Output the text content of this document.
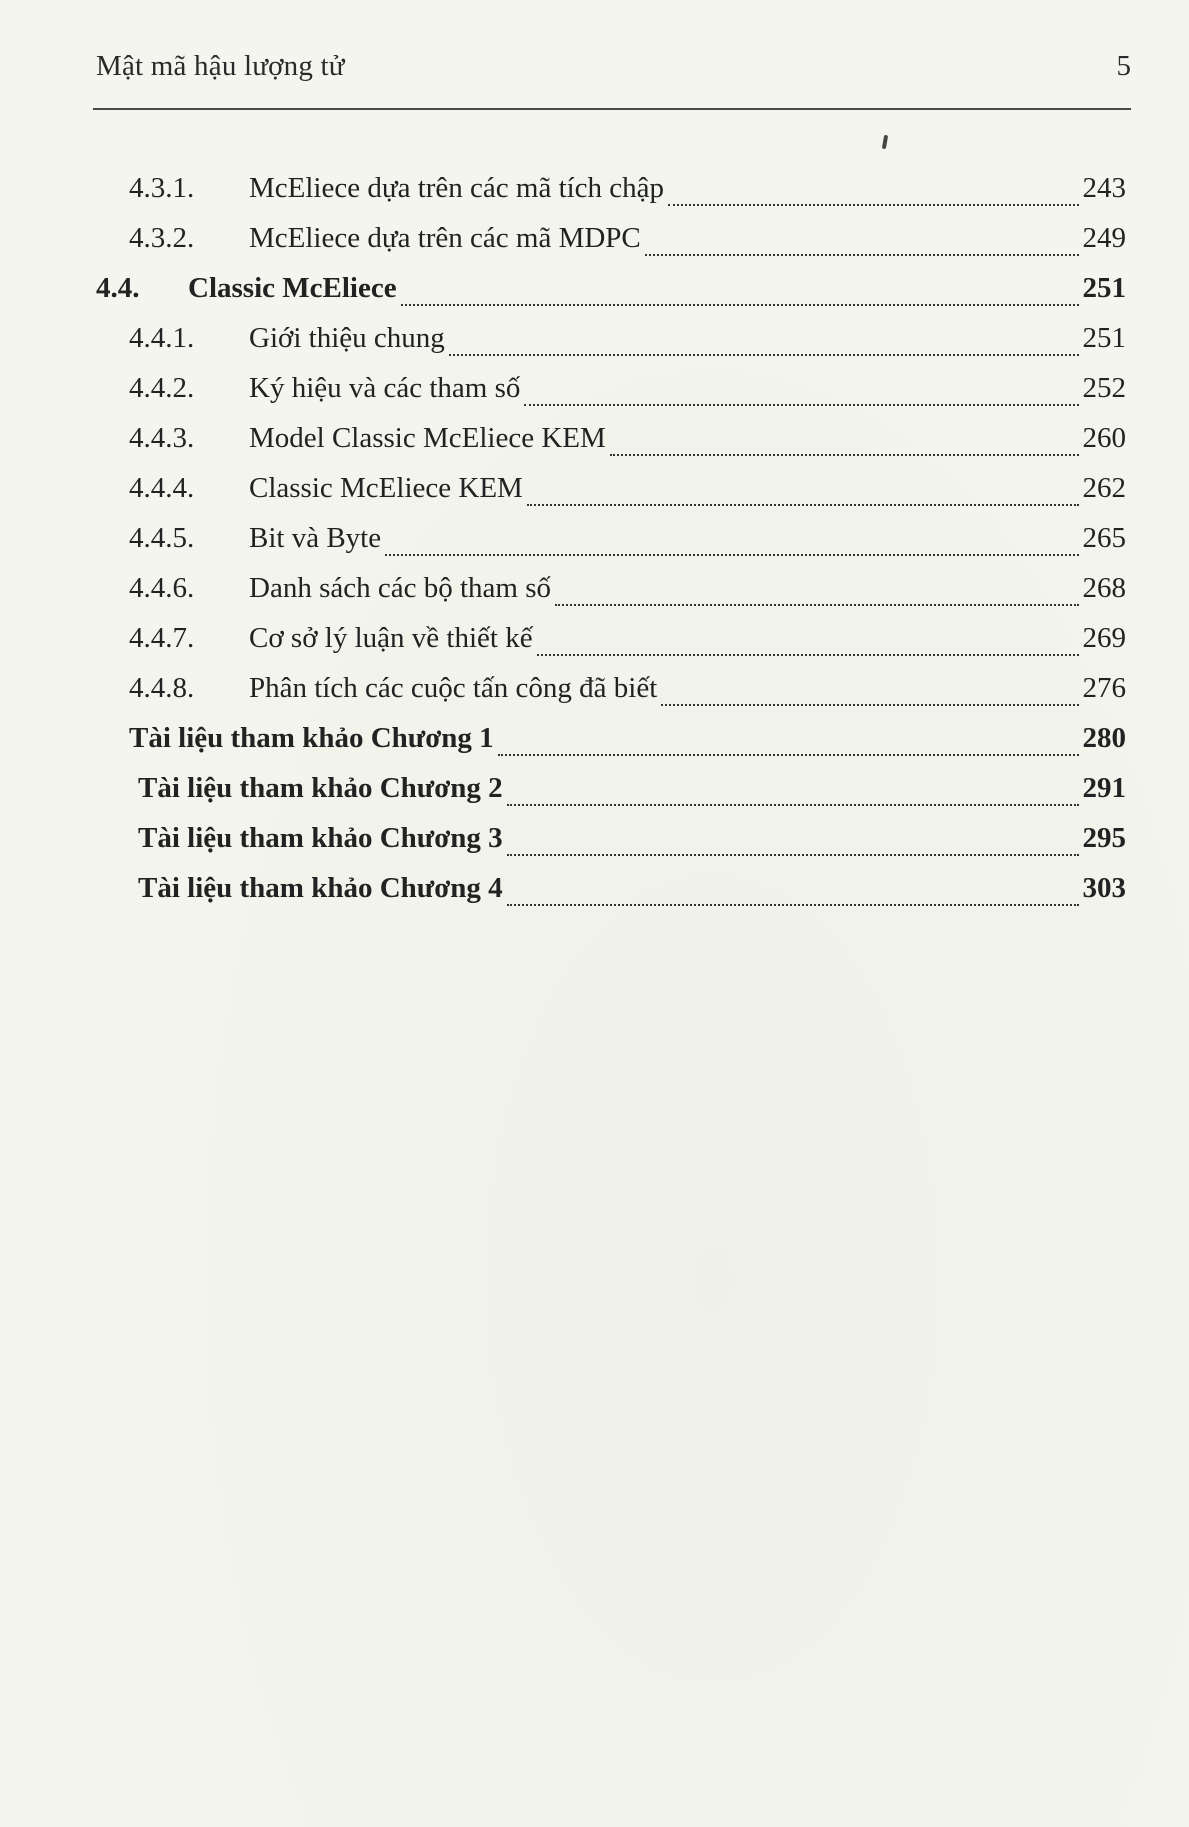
Mật mã hậu lượng tử	5
4.3.1.	McEliece dựa trên các mã tích chập	243
4.3.2.	McEliece dựa trên các mã MDPC	249
4.4.	Classic McEliece	251
4.4.1.	Giới thiệu chung	251
4.4.2.	Ký hiệu và các tham số	252
4.4.3.	Model Classic McEliece KEM	260
4.4.4.	Classic McEliece KEM	262
4.4.5.	Bit và Byte	265
4.4.6.	Danh sách các bộ tham số	268
4.4.7.	Cơ sở lý luận về thiết kế	269
4.4.8.	Phân tích các cuộc tấn công đã biết	276
Tài liệu tham khảo Chương 1	280
Tài liệu tham khảo Chương 2	291
Tài liệu tham khảo Chương 3	295
Tài liệu tham khảo Chương 4	303
